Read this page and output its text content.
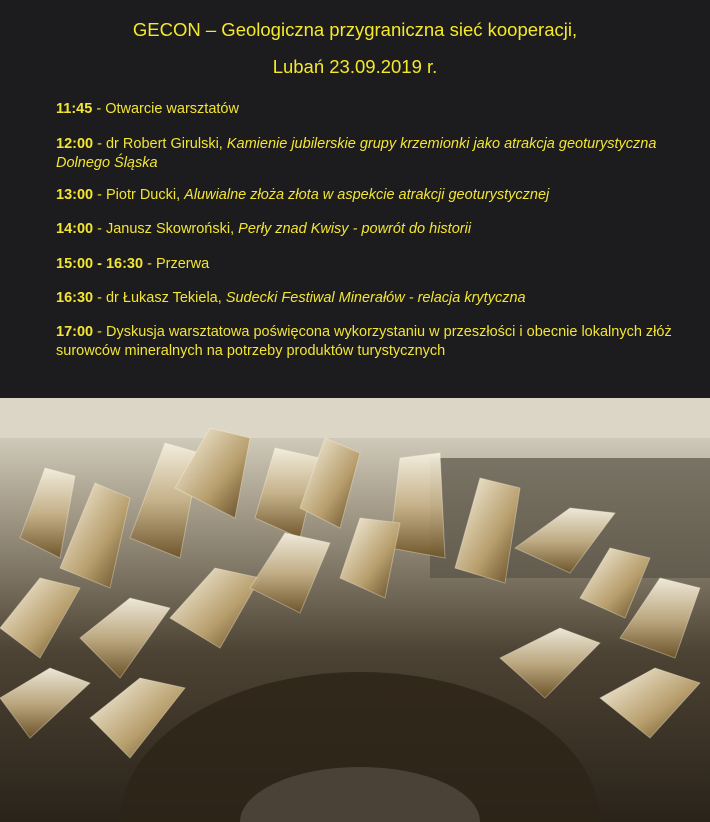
GECON – Geologiczna przygraniczna sieć kooperacji,
Lubań 23.09.2019 r.
11:45 - Otwarcie warsztatów
12:00 - dr Robert Girulski, Kamienie jubilerskie grupy krzemionki jako atrakcja geoturystyczna Dolnego Śląska
13:00 - Piotr Ducki, Aluwialne złoża złota w aspekcie atrakcji geoturystycznej
14:00 - Janusz Skowroński, Perły znad Kwisy - powrót do historii
15:00 - 16:30 - Przerwa
16:30 - dr Łukasz Tekiela, Sudecki Festiwal Minerałów - relacja krytyczna
17:00 - Dyskusja warsztatowa poświęcona wykorzystaniu w przeszłości i obecnie lokalnych złóż surowców mineralnych na potrzeby produktów turystycznych
